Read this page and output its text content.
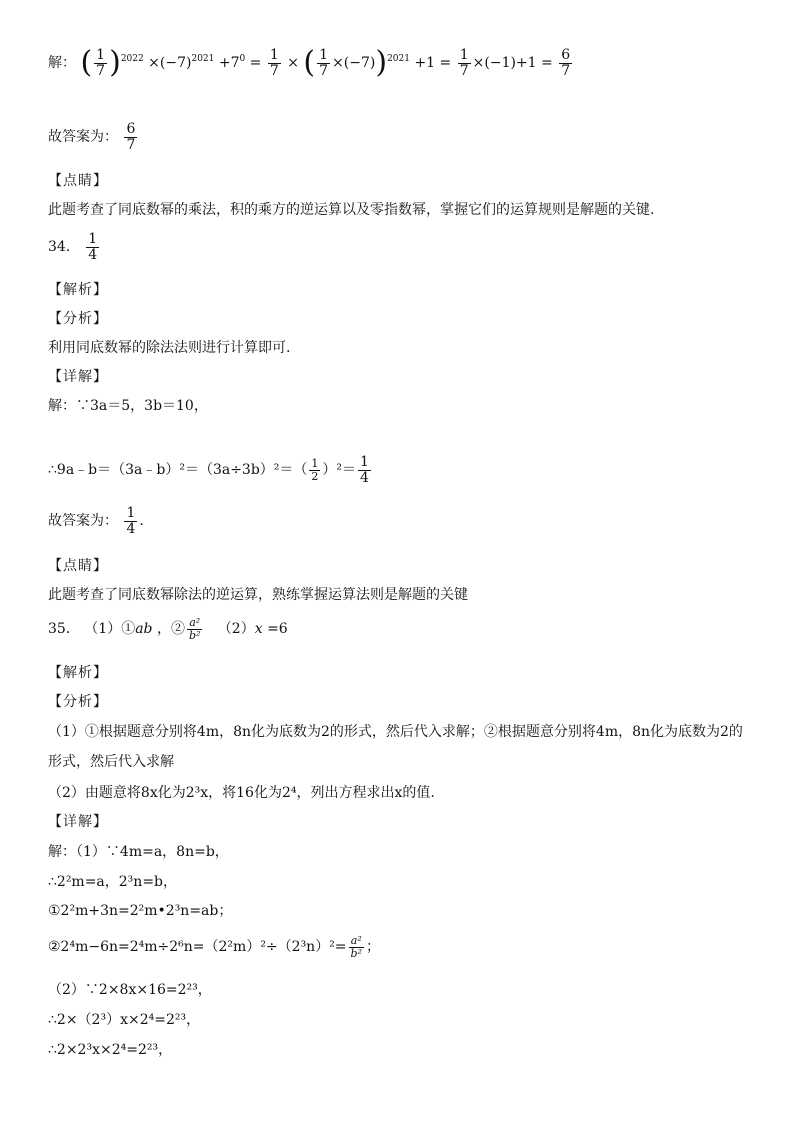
解： ( $\frac{1}{7} )^{2022} \times(-7)^{2021} +7^0 = \frac{1}{7}$ × ( $\frac{1}{7} \times(-7))^{2021} +1 = \frac{1}{7} \times(-1)+1 = \frac{6}{7}$
故答案为： $\frac{6}{7}$
【点睛】
此题考查了同底数幂的乘法，积的乘方的逆运算以及零指数幂，掌握它们的运算规则是解题的关键.
34． $\frac{1}{4}$
【解析】
【分析】
利用同底数幂的除法法则进行计算即可.
【详解】
解：∵3a＝5，3b＝10，
∴9a﹣b＝（3a﹣b）²＝（3a÷3b）²＝（ $\frac{1}{2} )^2= \frac{1}{4}$
故答案为： $\frac{1}{4}$ .
【点睛】
此题考查了同底数幂除法的逆运算，熟练掌握运算法则是解题的关键
35． （1）①ab ，② $\frac{\text{a²}}{\text{b²}} (2)x =6$
【解析】
【分析】
（1）①根据题意分别将4m，8n化为底数为2的形式，然后代入求解；②根据题意分别将4m，8n化为底数为2的
形式，然后代入求解
（2）由题意将8x化为2³x，将16化为2⁴，列出方程求出x的值.
【详解】
解：（1）∵4m=a，8n=b，
∴2²m=a，2³n=b，
①2²m+3n=2²m•2³n=ab；
②2⁴m−6n=2⁴m÷2⁶n=（2²m）²÷（2³n）²= $\frac{\text{a²}}{\text{b²}}$ ；
（2）∵2×8x×16=2²³，
∴2×（2³）x×2⁴=2²³，
∴2×2³x×2⁴=2²³，
